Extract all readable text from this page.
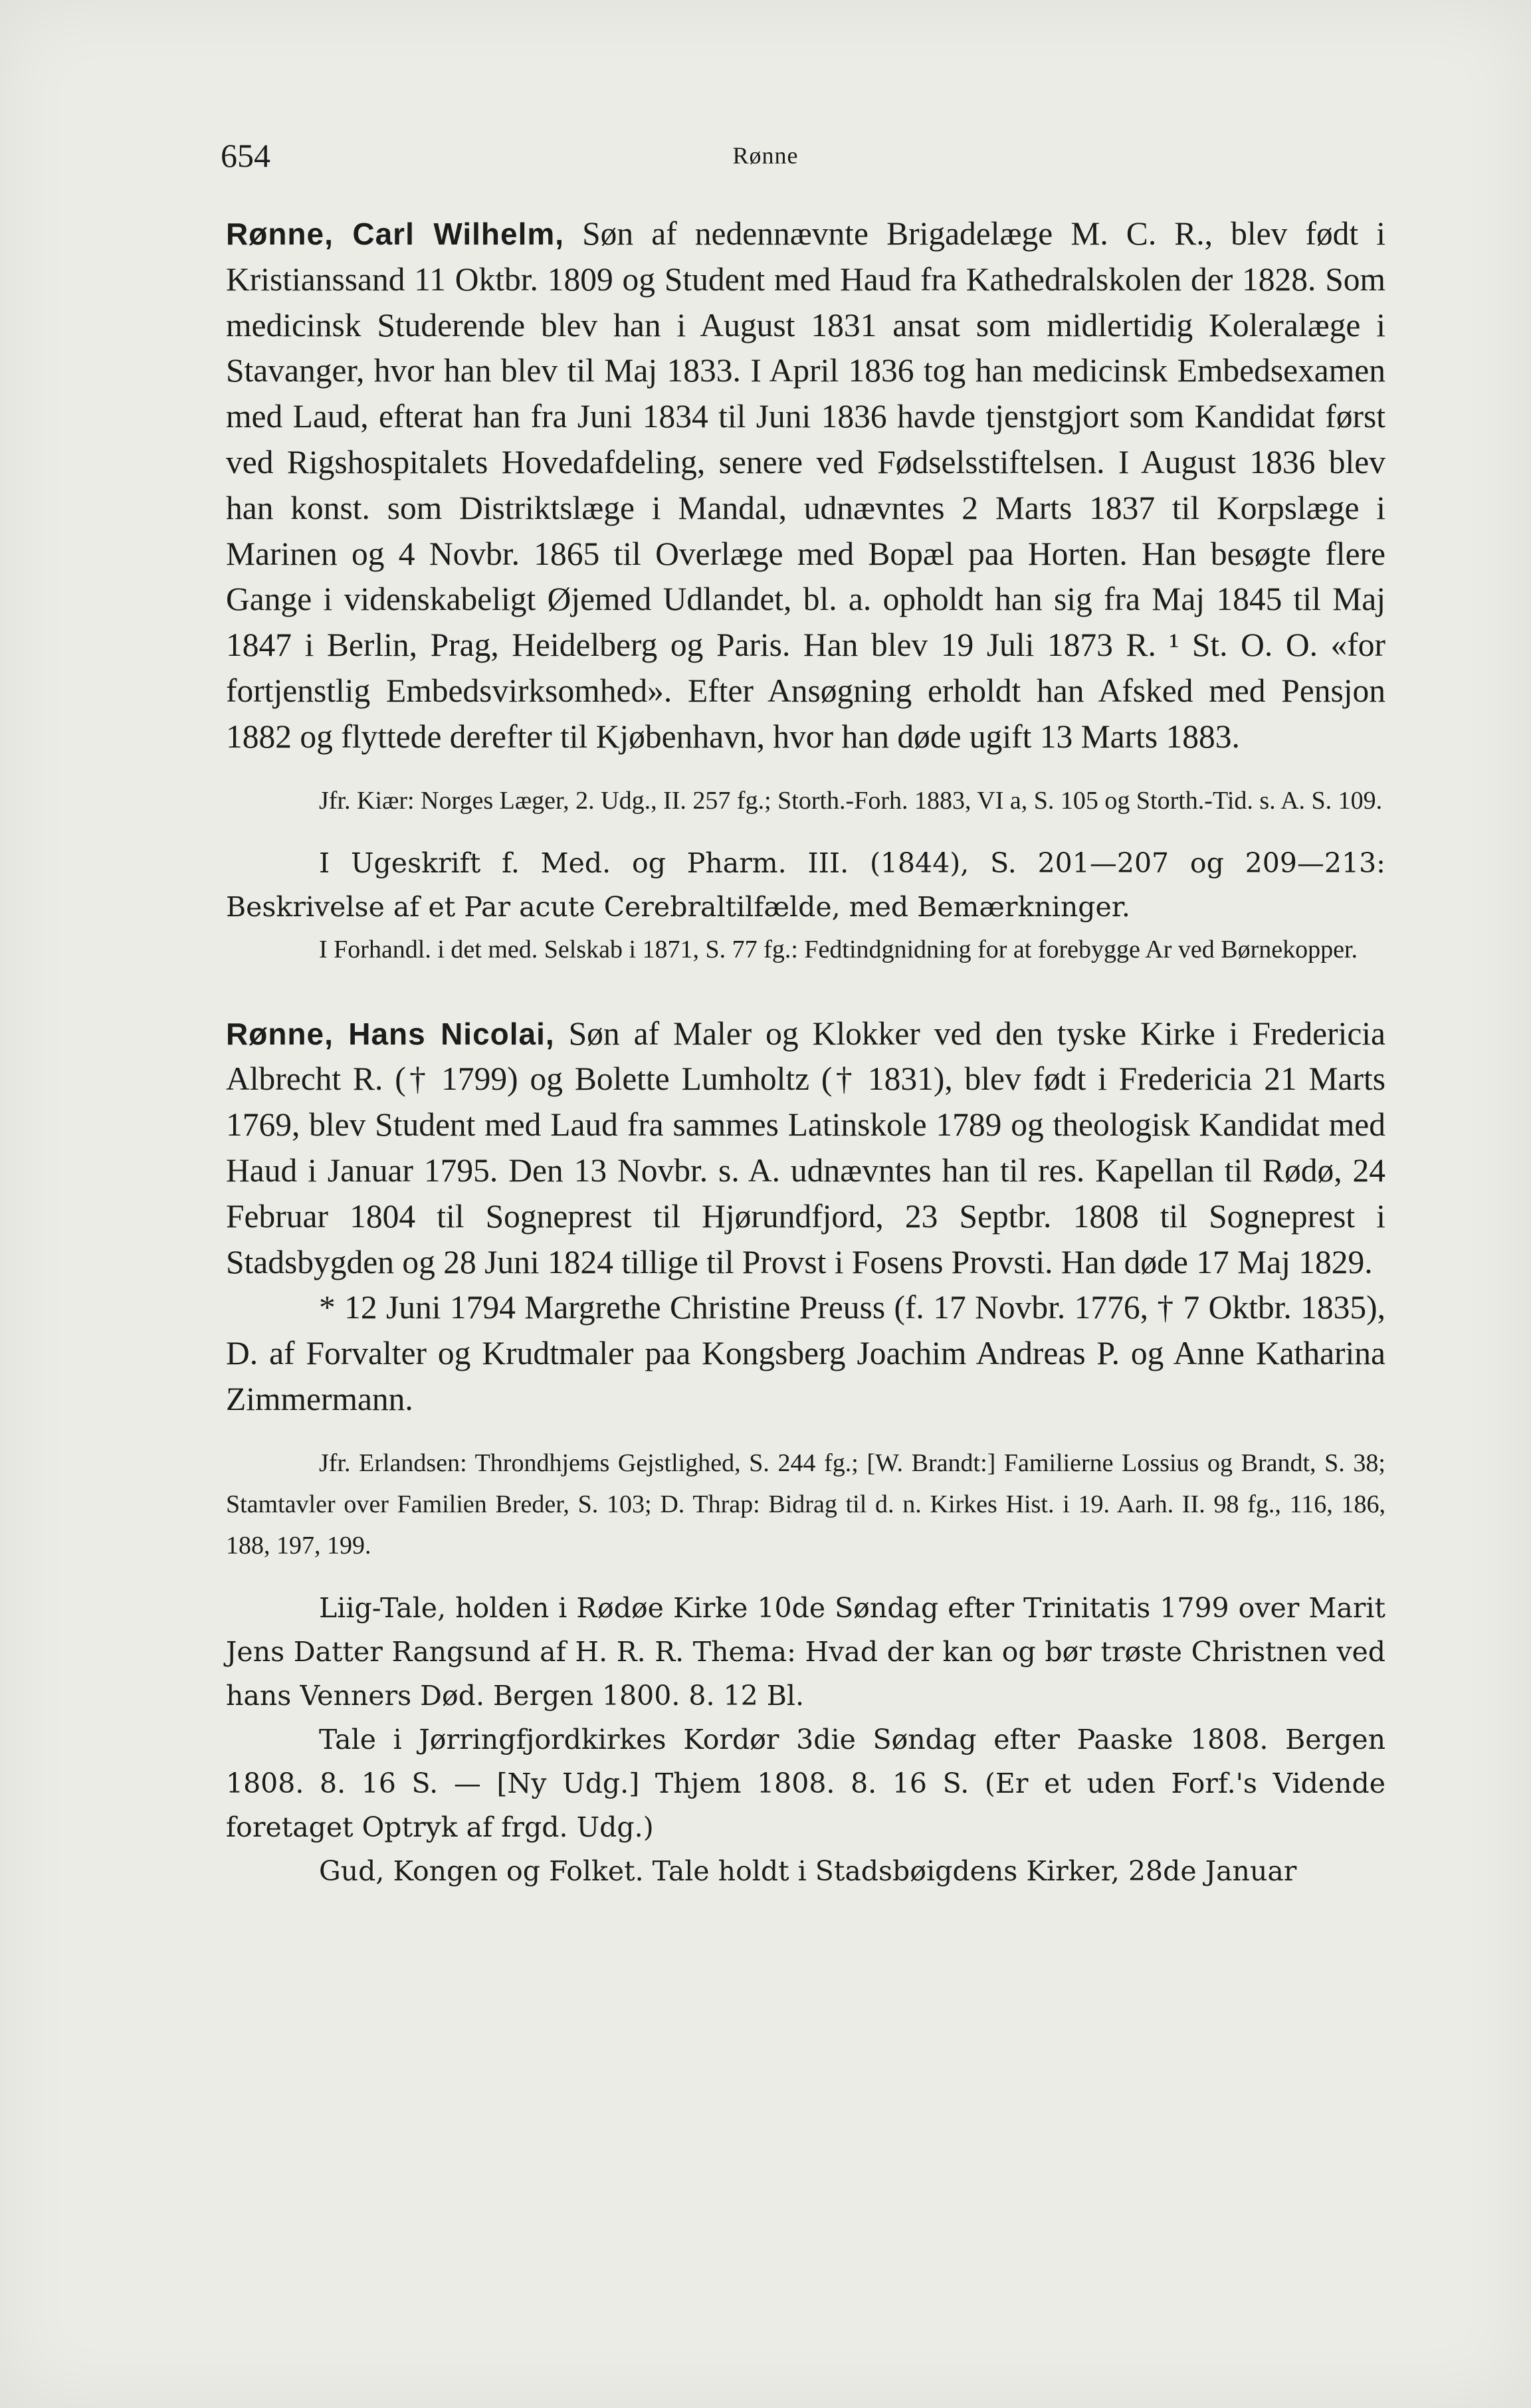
654	Rønne

Rønne, Carl Wilhelm, Søn af nedennævnte Brigadelæge M. C. R., blev født i Kristianssand 11 Oktbr. 1809 og Student med Haud fra Kathedralskolen der 1828. Som medicinsk Studerende blev han i August 1831 ansat som midlertidig Koleralæge i Stavanger, hvor han blev til Maj 1833. I April 1836 tog han medicinsk Embedsexamen med Laud, efterat han fra Juni 1834 til Juni 1836 havde tjenstgjort som Kandidat først ved Rigshospitalets Hovedafdeling, senere ved Fødselsstiftelsen. I August 1836 blev han konst. som Distriktslæge i Mandal, udnævntes 2 Marts 1837 til Korpslæge i Marinen og 4 Novbr. 1865 til Overlæge med Bopæl paa Horten. Han besøgte flere Gange i videnskabeligt Øjemed Udlandet, bl. a. opholdt han sig fra Maj 1845 til Maj 1847 i Berlin, Prag, Heidelberg og Paris. Han blev 19 Juli 1873 R. ¹ St. O. O. «for fortjenstlig Embedsvirksomhed». Efter Ansøgning erholdt han Afsked med Pensjon 1882 og flyttede derefter til Kjøbenhavn, hvor han døde ugift 13 Marts 1883.

Jfr. Kiær: Norges Læger, 2. Udg., II. 257 fg.; Storth.-Forh. 1883, VI a, S. 105 og Storth.-Tid. s. A. S. 109.

I Ugeskrift f. Med. og Pharm. III. (1844), S. 201—207 og 209—213: Beskrivelse af et Par acute Cerebraltilfælde, med Bemærkninger.

I Forhandl. i det med. Selskab i 1871, S. 77 fg.: Fedtindgnidning for at forebygge Ar ved Børnekopper.

Rønne, Hans Nicolai, Søn af Maler og Klokker ved den tyske Kirke i Fredericia Albrecht R. († 1799) og Bolette Lumholtz († 1831), blev født i Fredericia 21 Marts 1769, blev Student med Laud fra sammes Latinskole 1789 og theologisk Kandidat med Haud i Januar 1795. Den 13 Novbr. s. A. udnævntes han til res. Kapellan til Rødø, 24 Februar 1804 til Sogneprest til Hjørundfjord, 23 Septbr. 1808 til Sogneprest i Stadsbygden og 28 Juni 1824 tillige til Provst i Fosens Provsti. Han døde 17 Maj 1829.

* 12 Juni 1794 Margrethe Christine Preuss (f. 17 Novbr. 1776, † 7 Oktbr. 1835), D. af Forvalter og Krudtmaler paa Kongsberg Joachim Andreas P. og Anne Katharina Zimmermann.

Jfr. Erlandsen: Throndhjems Gejstlighed, S. 244 fg.; [W. Brandt:] Familierne Lossius og Brandt, S. 38; Stamtavler over Familien Breder, S. 103; D. Thrap: Bidrag til d. n. Kirkes Hist. i 19. Aarh. II. 98 fg., 116, 186, 188, 197, 199.

Liig-Tale, holden i Rødøe Kirke 10de Søndag efter Trinitatis 1799 over Marit Jens Datter Rangsund af H. R. R. Thema: Hvad der kan og bør trøste Christnen ved hans Venners Død. Bergen 1800. 8. 12 Bl.

Tale i Jørringfjordkirkes Kordør 3die Søndag efter Paaske 1808. Bergen 1808. 8. 16 S. — [Ny Udg.] Thjem 1808. 8. 16 S. (Er et uden Forf.'s Vidende foretaget Optryk af frgd. Udg.)

Gud, Kongen og Folket. Tale holdt i Stadsbøigdens Kirker, 28de Januar
